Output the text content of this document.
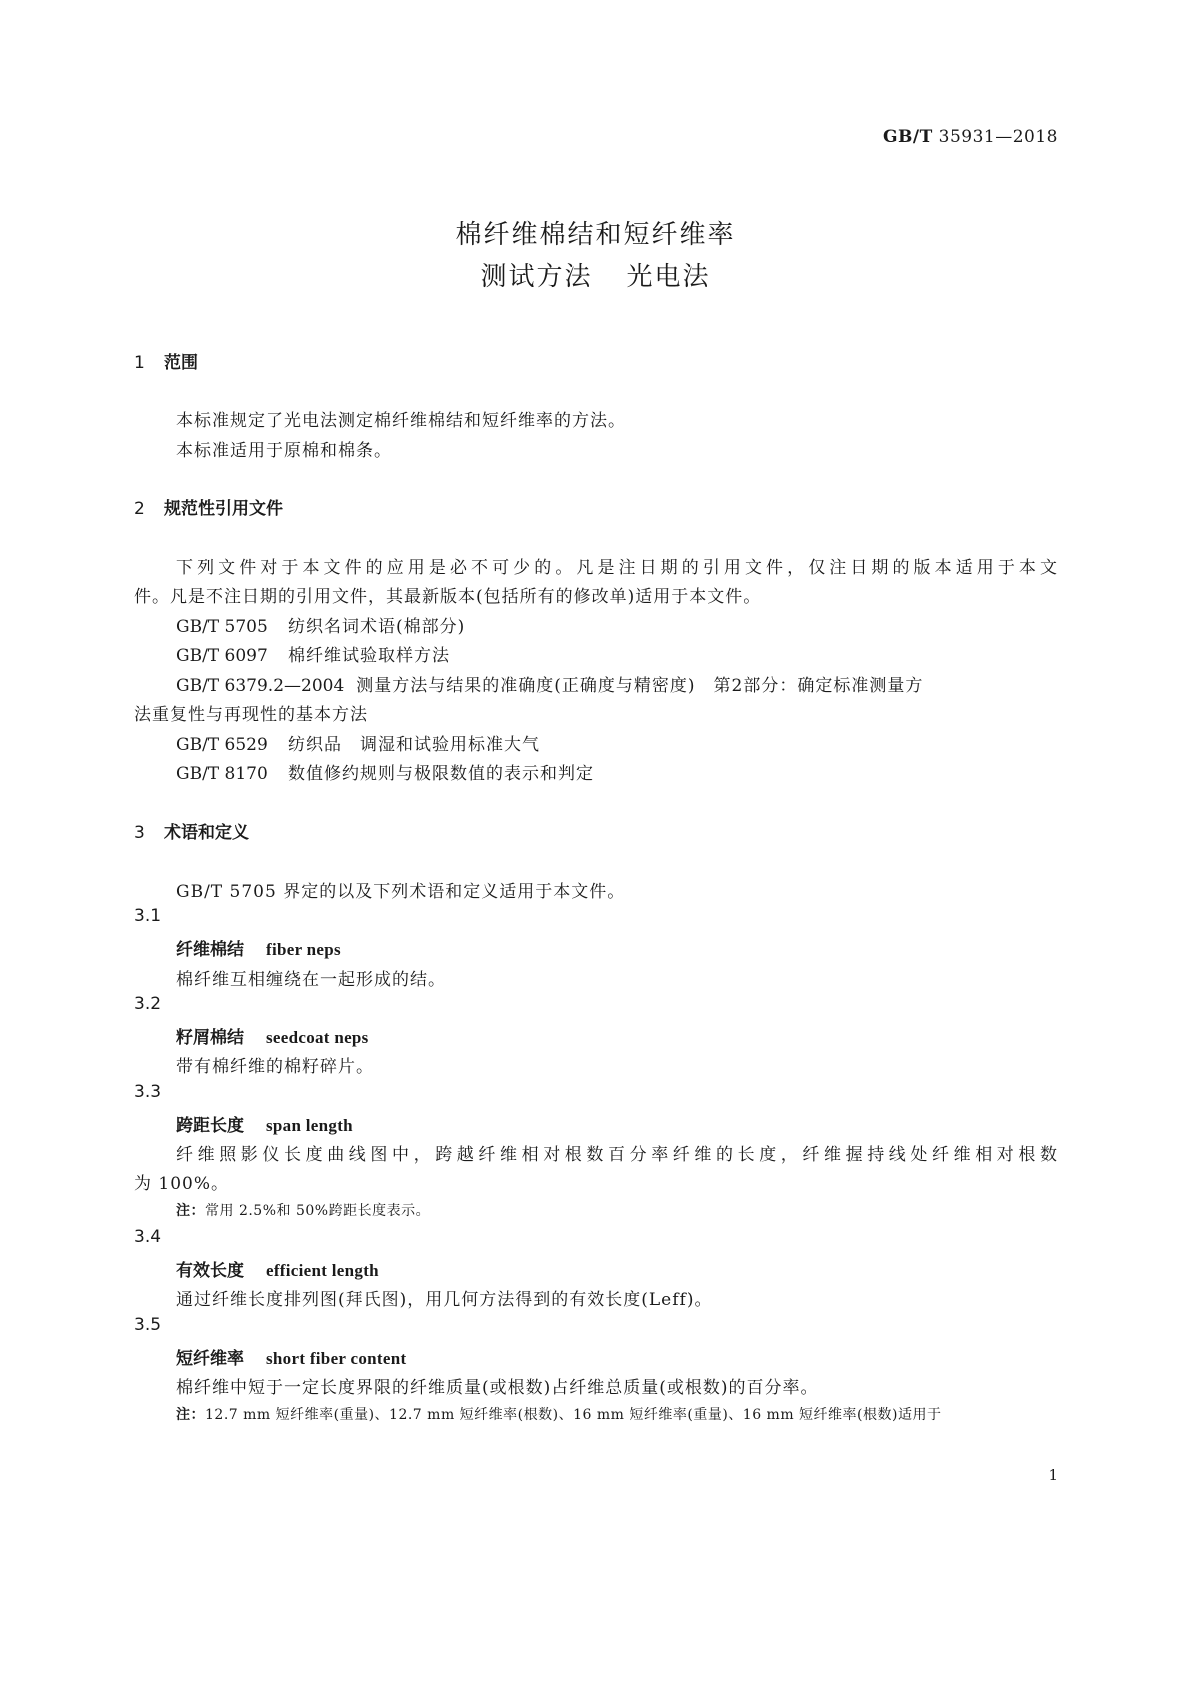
GB/T 35931—2018
棉纤维棉结和短纤维率
测试方法 光电法
1 范围
本标准规定了光电法测定棉纤维棉结和短纤维率的方法。
本标准适用于原棉和棉条。
2 规范性引用文件
下列文件对于本文件的应用是必不可少的。凡是注日期的引用文件，仅注日期的版本适用于本文
件。凡是不注日期的引用文件，其最新版本(包括所有的修改单)适用于本文件。
GB/T 5705 纺织名词术语(棉部分)
GB/T 6097 棉纤维试验取样方法
GB/T 6379.2—2004 测量方法与结果的准确度(正确度与精密度)　第2部分：确定标准测量方
法重复性与再现性的基本方法
GB/T 6529 纺织品　调湿和试验用标准大气
GB/T 8170 数值修约规则与极限数值的表示和判定
3 术语和定义
GB/T 5705 界定的以及下列术语和定义适用于本文件。
3.1
纤维棉结 fiber neps
棉纤维互相缠绕在一起形成的结。
3.2
籽屑棉结 seedcoat neps
带有棉纤维的棉籽碎片。
3.3
跨距长度 span length
纤维照影仪长度曲线图中，跨越纤维相对根数百分率纤维的长度，纤维握持线处纤维相对根数
为 100%。
注：常用 2.5%和 50%跨距长度表示。
3.4
有效长度 efficient length
通过纤维长度排列图(拜氏图)，用几何方法得到的有效长度(Leff)。
3.5
短纤维率 short fiber content
棉纤维中短于一定长度界限的纤维质量(或根数)占纤维总质量(或根数)的百分率。
注：12.7 mm 短纤维率(重量)、12.7 mm 短纤维率(根数)、16 mm 短纤维率(重量)、16 mm 短纤维率(根数)适用于
1
